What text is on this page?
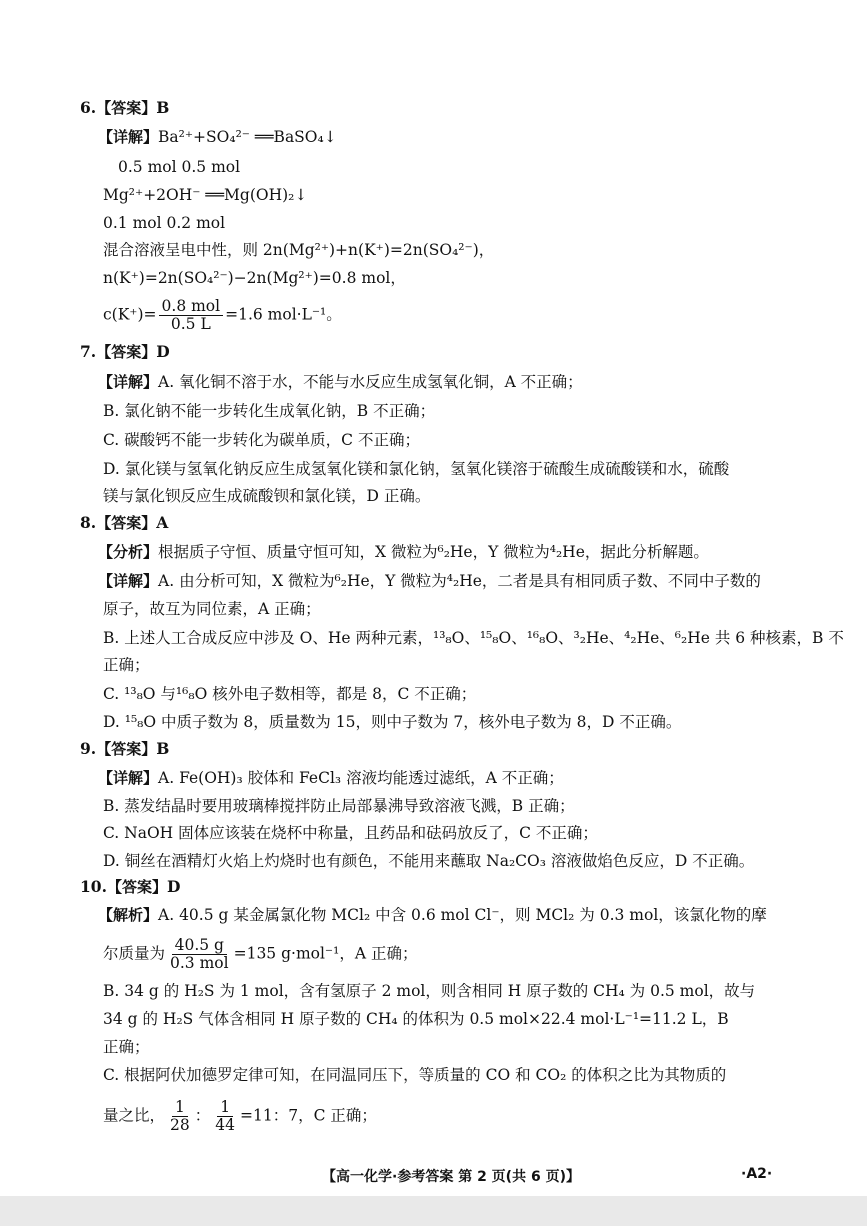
6.【答案】B
【详解】Ba²⁺+SO₄²⁻ ══BaSO₄↓
0.5 mol 0.5 mol
Mg²⁺+2OH⁻ ══Mg(OH)₂↓
0.1 mol 0.2 mol
混合溶液呈电中性，则 2n(Mg²⁺)+n(K⁺)=2n(SO₄²⁻)，
n(K⁺)=2n(SO₄²⁻)−2n(Mg²⁺)=0.8 mol，
$c(K^+)= \frac{\text{0.8 mol}}{0.5 L} =1.6$ mol·L⁻¹。
7.【答案】D
【详解】A. 氧化铜不溶于水，不能与水反应生成氢氧化铜，A 不正确；
B. 氯化钠不能一步转化生成氧化钠，B 不正确；
C. 碳酸钙不能一步转化为碳单质，C 不正确；
D. 氯化镁与氢氧化钠反应生成氢氧化镁和氯化钠，氢氧化镁溶于硫酸生成硫酸镁和水，硫酸
镁与氯化钡反应生成硫酸钡和氯化镁，D 正确。
8.【答案】A
【分析】根据质子守恒、质量守恒可知，X 微粒为⁶₂He，Y 微粒为⁴₂He，据此分析解题。
【详解】A. 由分析可知，X 微粒为⁶₂He，Y 微粒为⁴₂He，二者是具有相同质子数、不同中子数的
原子，故互为同位素，A 正确；
B. 上述人工合成反应中涉及 O、He 两种元素，¹³₈O、¹⁵₈O、¹⁶₈O、³₂He、⁴₂He、⁶₂He 共 6 种核素，B 不
正确；
C. ¹³₈O 与¹⁶₈O 核外电子数相等，都是 8，C 不正确；
D. ¹⁵₈O 中质子数为 8，质量数为 15，则中子数为 7，核外电子数为 8，D 不正确。
9.【答案】B
【详解】A. Fe(OH)₃ 胶体和 FeCl₃ 溶液均能透过滤纸，A 不正确；
B. 蒸发结晶时要用玻璃棒搅拌防止局部暴沸导致溶液飞溅，B 正确；
C. NaOH 固体应该装在烧杯中称量，且药品和砝码放反了，C 不正确；
D. 铜丝在酒精灯火焰上灼烧时也有颜色，不能用来蘸取 Na₂CO₃ 溶液做焰色反应，D 不正确。
10.【答案】D
【解析】A. 40.5 g 某金属氯化物 MCl₂ 中含 0.6 mol Cl⁻，则 MCl₂ 为 0.3 mol，该氯化物的摩
尔质量为 $\frac{40.5 g}{\text{0.3 mol}} =135$ g·mol⁻¹，A 正确；
B. 34 g 的 H₂S 为 1 mol，含有氢原子 2 mol，则含相同 H 原子数的 CH₄ 为 0.5 mol，故与
34 g 的 H₂S 气体含相同 H 原子数的 CH₄ 的体积为 0.5 mol×22.4 mol·L⁻¹=11.2 L，B
正确；
C. 根据阿伏加德罗定律可知，在同温同压下，等质量的 CO 和 CO₂ 的体积之比为其物质的
量之比， $\frac{1}{28}$ ： $\frac{1}{44} =11$：7，C 正确；
【高一化学·参考答案 第 2 页(共 6 页)】	·A2·
